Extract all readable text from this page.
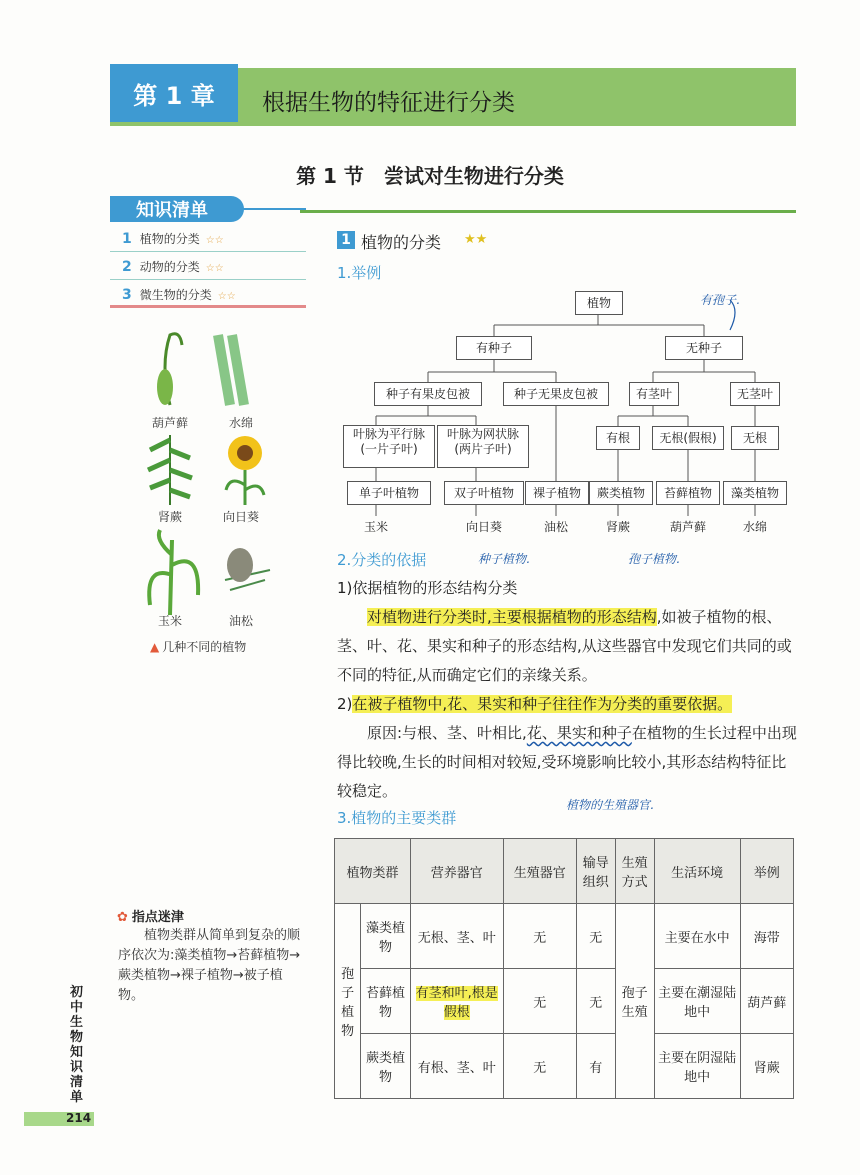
第 1 章	根据生物的特征进行分类
第 1 节　尝试对生物进行分类
知识清单
1 植物的分类 ☆☆
2 动物的分类 ☆☆
3 微生物的分类 ☆☆
葫芦藓	水绵
肾蕨	向日葵
玉米	油松
▲ 几种不同的植物
1 植物的分类 ★★
1.举例
植物
有种子	无种子
种子有果皮包被	种子无果皮包被	有茎叶	无茎叶
叶脉为平行脉
(一片子叶)
叶脉为网状脉
(两片子叶)
有根	无根(假根)	无根
单子叶植物	双子叶植物	裸子植物	蕨类植物	苔藓植物	藻类植物
玉米	向日葵	油松	肾蕨	葫芦藓	水绵
有孢子.
种子植物.	孢子植物.
植物的生殖器官.
2.分类的依据
1)依据植物的形态结构分类
对植物进行分类时,主要根据植物的形态结构,如被子植物的根、茎、叶、花、果实和种子的形态结构,从这些器官中发现它们共同的或不同的特征,从而确定它们的亲缘关系。
2)在被子植物中,花、果实和种子往往作为分类的重要依据。
原因:与根、茎、叶相比,花、果实和种子在植物的生长过程中出现得比较晚,生长的时间相对较短,受环境影响比较小,其形态结构特征比较稳定。
3.植物的主要类群
植物类群		营养器官	生殖器官	输导组织	生殖方式	生活环境	举例
孢子植物	藻类植物	无根、茎、叶	无	无	孢子生殖	主要在水中	海带
	苔藓植物	有茎和叶,根是假根	无	无		主要在潮湿陆地中	葫芦藓
	蕨类植物	有根、茎、叶	无	有		主要在阴湿陆地中	肾蕨
✿ 指点迷津
植物类群从简单到复杂的顺序依次为:藻类植物→苔藓植物→蕨类植物→裸子植物→被子植物。
初中生物知识清单
214
